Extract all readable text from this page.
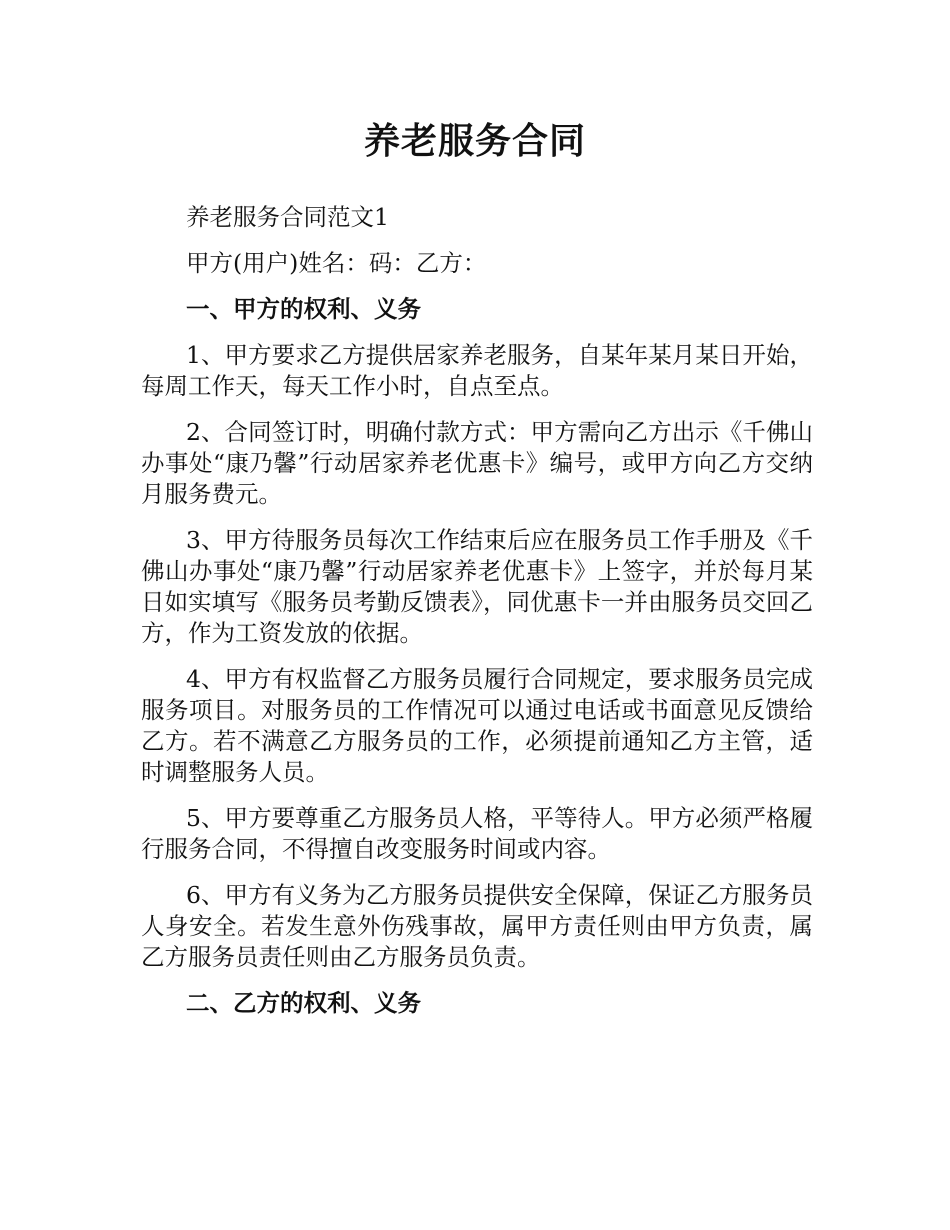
养老服务合同

养老服务合同范文1

甲方(用户)姓名：码：乙方：

一、甲方的权利、义务

1、甲方要求乙方提供居家养老服务，自某年某月某日开始，每周工作天，每天工作小时，自点至点。

2、合同签订时，明确付款方式：甲方需向乙方出示《千佛山办事处“康乃馨”行动居家养老优惠卡》编号，或甲方向乙方交纳月服务费元。

3、甲方待服务员每次工作结束后应在服务员工作手册及《千佛山办事处“康乃馨”行动居家养老优惠卡》上签字，并於每月某日如实填写《服务员考勤反馈表》，同优惠卡一并由服务员交回乙方，作为工资发放的依据。

4、甲方有权监督乙方服务员履行合同规定，要求服务员完成服务项目。对服务员的工作情况可以通过电话或书面意见反馈给乙方。若不满意乙方服务员的工作，必须提前通知乙方主管，适时调整服务人员。

5、甲方要尊重乙方服务员人格，平等待人。甲方必须严格履行服务合同，不得擅自改变服务时间或内容。

6、甲方有义务为乙方服务员提供安全保障，保证乙方服务员人身安全。若发生意外伤残事故，属甲方责任则由甲方负责，属乙方服务员责任则由乙方服务员负责。

二、乙方的权利、义务
